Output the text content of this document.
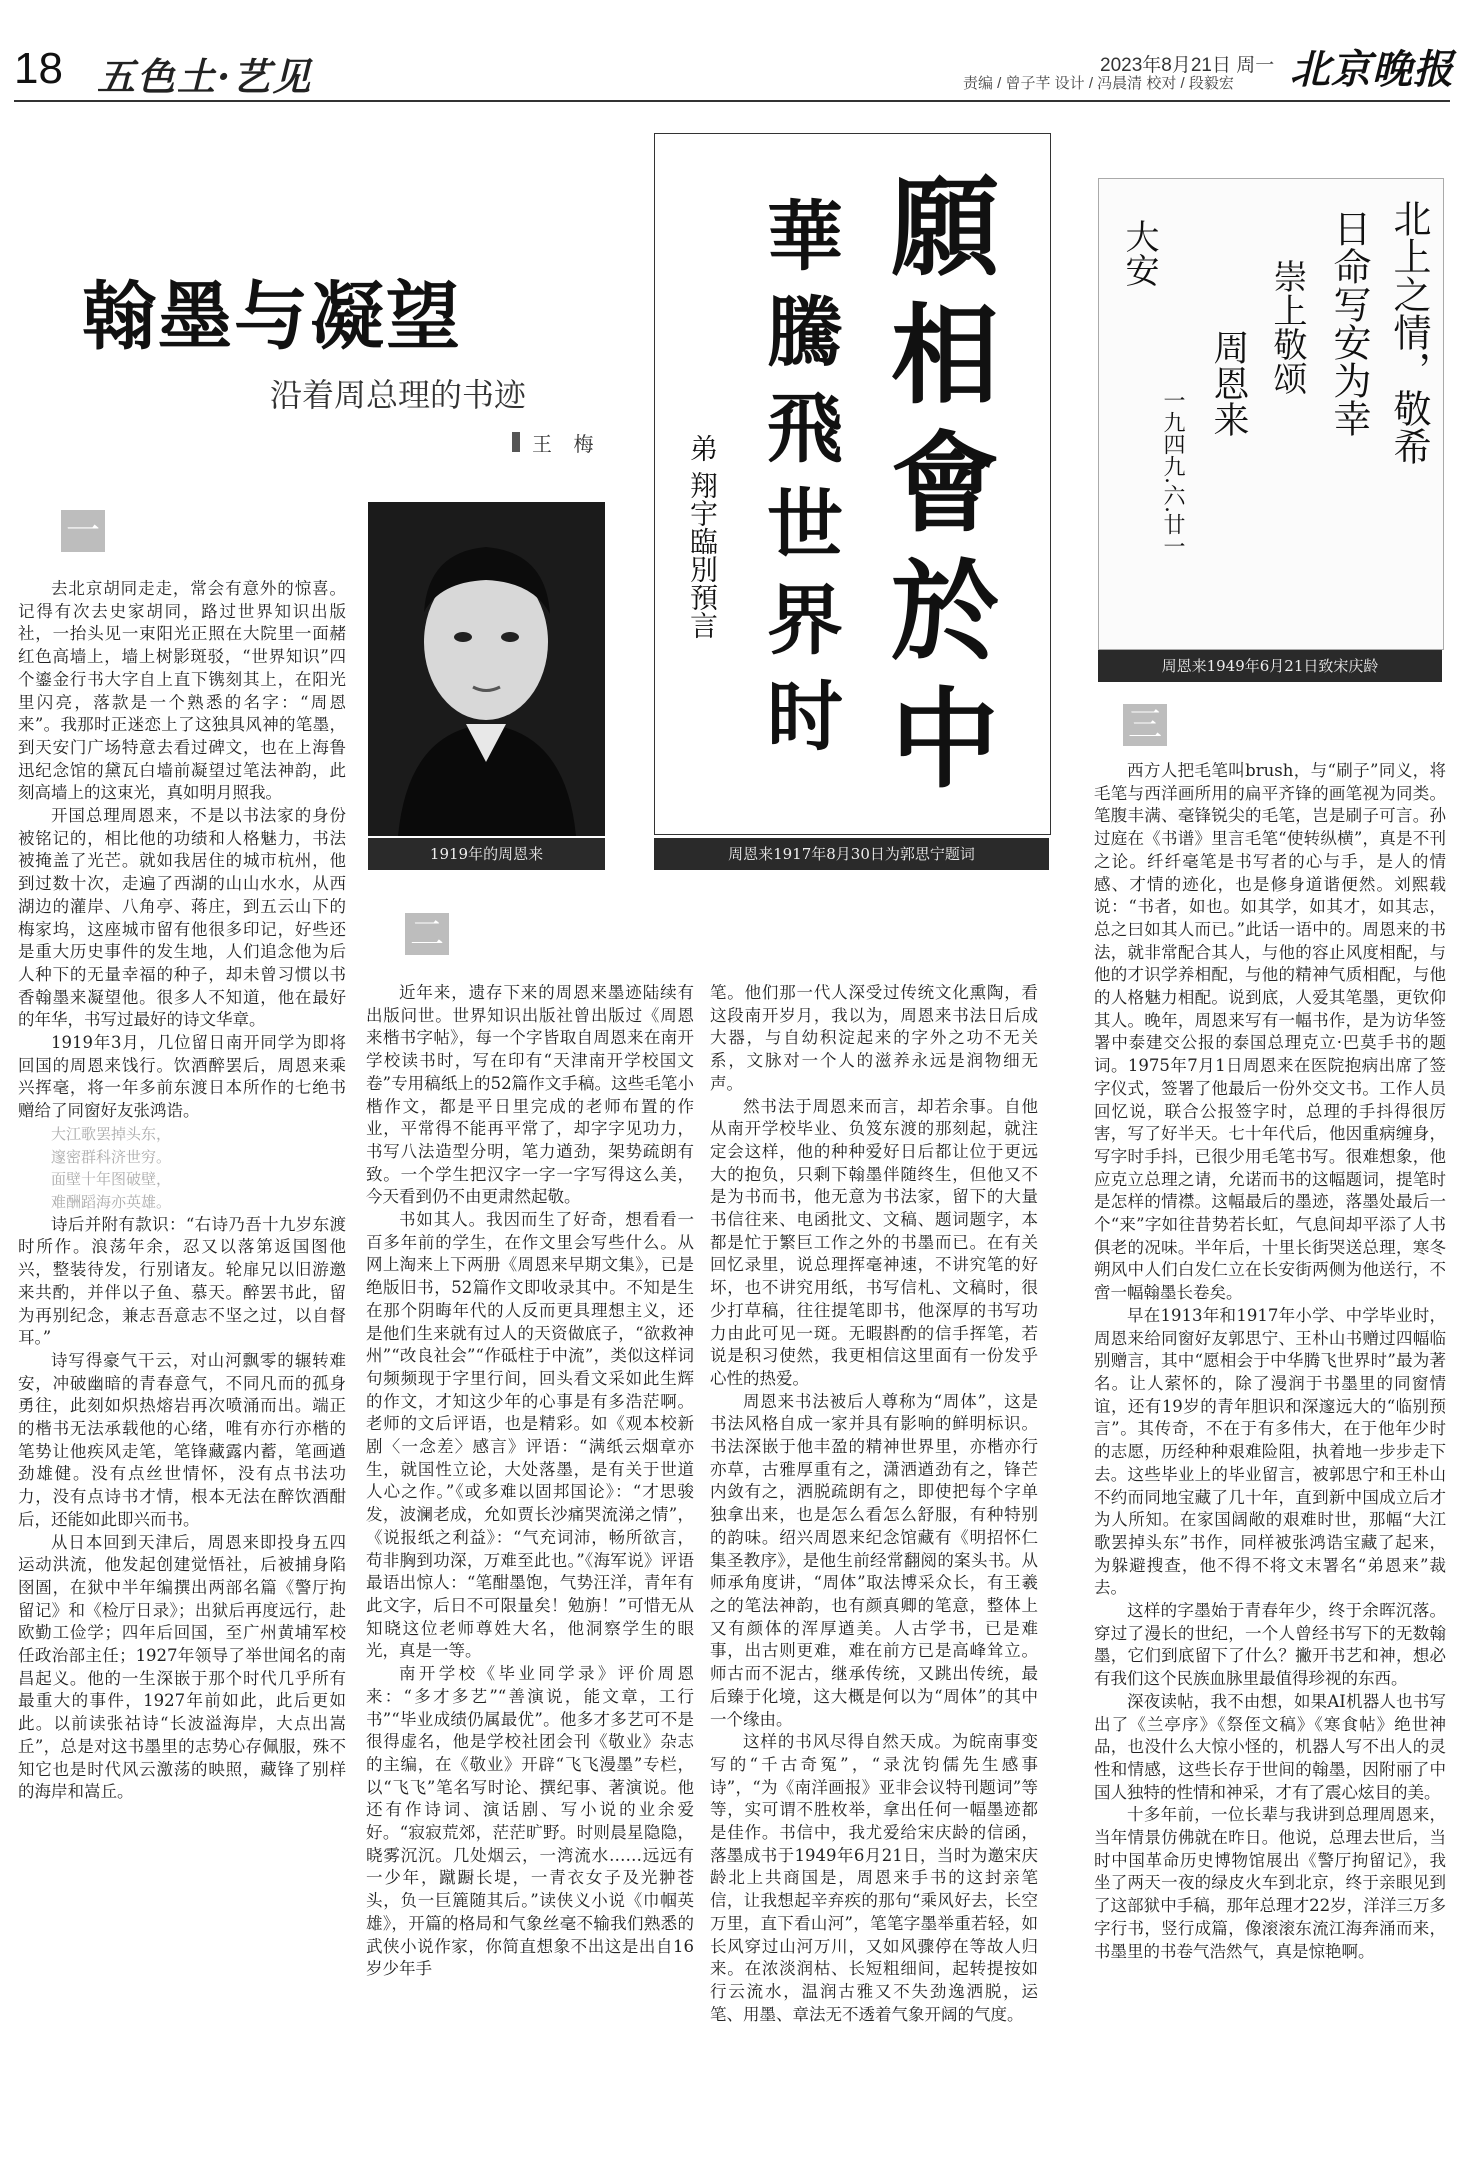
18 五色土·艺见	2023年8月21日 周一
责编 / 曾子芊 设计 / 冯晨清 校对 / 段毅宏 北京晚报
翰墨与凝望
沿着周总理的书迹
王 梅
1919年的周恩来
願
相
會
於
中
華
騰
飛
世
界
时
弟 翔宇臨別預言
周恩来1917年8月30日为郭思宁题词
北上之情，敬希
日命写安为幸
崇上敬颂
大安
周恩来
一九四九.六.廿一
周恩来1949年6月21日致宋庆龄
一
二
三

去北京胡同走走，常会有意外的惊喜。记得有次去史家胡同，路过世界知识出版社，一抬头见一束阳光正照在大院里一面赭红色高墙上，墙上树影斑驳，“世界知识”四个鎏金行书大字自上直下镌刻其上，在阳光里闪亮，落款是一个熟悉的名字：“周恩来”。我那时正迷恋上了这独具风神的笔墨，到天安门广场特意去看过碑文，也在上海鲁迅纪念馆的黛瓦白墙前凝望过笔法神韵，此刻高墙上的这束光，真如明月照我。

开国总理周恩来，不是以书法家的身份被铭记的，相比他的功绩和人格魅力，书法被掩盖了光芒。就如我居住的城市杭州，他到过数十次，走遍了西湖的山山水水，从西湖边的灌岸、八角亭、蒋庄，到五云山下的梅家坞，这座城市留有他很多印记，好些还是重大历史事件的发生地，人们追念他为后人种下的无量幸福的种子，却未曾习惯以书香翰墨来凝望他。很多人不知道，他在最好的年华，书写过最好的诗文华章。

1919年3月，几位留日南开同学为即将回国的周恩来饯行。饮酒醉罢后，周恩来乘兴挥毫，将一年多前东渡日本所作的七绝书赠给了同窗好友张鸿诰。

大江歌罢掉头东，
邃密群科济世穷。
面壁十年图破壁，
难酬蹈海亦英雄。

诗后并附有款识：“右诗乃吾十九岁东渡时所作。浪荡年余，忍又以落第返国图他兴，整装待发，行别诸友。轮扉兄以旧游邀来共酌，并伴以子鱼、慕天。醉罢书此，留为再别纪念，兼志吾意志不坚之过，以自督耳。”

诗写得豪气干云，对山河飘零的辗转难安，冲破幽暗的青春意气，不同凡而的孤身勇往，此刻如炽热熔岩再次喷涌而出。端正的楷书无法承载他的心绪，唯有亦行亦楷的笔势让他疾风走笔，笔锋藏露内蓄，笔画遒劲雄健。没有点丝世情怀，没有点书法功力，没有点诗书才情，根本无法在醉饮酒酣后，还能如此即兴而书。

从日本回到天津后，周恩来即投身五四运动洪流，他发起创建觉悟社，后被捕身陷囹圄，在狱中半年编撰出两部名篇《警厅拘留记》和《检厅日录》；出狱后再度远行，赴欧勤工俭学；四年后回国，至广州黄埔军校任政治部主任；1927年领导了举世闻名的南昌起义。他的一生深嵌于那个时代几乎所有最重大的事件，1927年前如此，此后更如此。以前读张祜诗“长波溢海岸，大点出嵩丘”，总是对这书墨里的志势心存佩服，殊不知它也是时代风云激荡的映照，藏锋了别样的海岸和嵩丘。

近年来，遗存下来的周恩来墨迹陆续有出版问世。世界知识出版社曾出版过《周恩来楷书字帖》，每一个字皆取自周恩来在南开学校读书时，写在印有“天津南开学校国文卷”专用稿纸上的52篇作文手稿。这些毛笔小楷作文，都是平日里完成的老师布置的作业，平常得不能再平常了，却字字见功力，书写八法造型分明，笔力遒劲，架势疏朗有致。一个学生把汉字一字一字写得这么美，今天看到仍不由更肃然起敬。

书如其人。我因而生了好奇，想看看一百多年前的学生，在作文里会写些什么。从网上淘来上下两册《周恩来早期文集》，已是绝版旧书，52篇作文即收录其中。不知是生在那个阴晦年代的人反而更具理想主义，还是他们生来就有过人的天资做底子，“欲救神州”“改良社会”“作砥柱于中流”，类似这样词句频频现于字里行间，回头看文采如此生辉的作文，才知这少年的心事是有多浩茫啊。老师的文后评语，也是精彩。如《观本校新剧〈一念差〉感言》评语：“满纸云烟章亦生，就国性立论，大处落墨，是有关于世道人心之作。”《或多难以固邦国论》：“才思骏发，波澜老成，允如贾长沙痛哭流涕之情”，《说报纸之利益》：“气充词沛，畅所欲言，苟非胸到功深，万难至此也。”《海军说》评语最语出惊人：“笔酣墨饱，气势汪洋，青年有此文字，后日不可限量矣！勉旃！”可惜无从知晓这位老师尊姓大名，他洞察学生的眼光，真是一等。

南开学校《毕业同学录》评价周恩来：“多才多艺”“善演说，能文章，工行书”“毕业成绩仍属最优”。他多才多艺可不是很得虚名，他是学校社团会刊《敬业》杂志的主编，在《敬业》开辟“飞飞漫墨”专栏，以“飞飞”笔名写时论、撰纪事、著演说。他还有作诗词、演话剧、写小说的业余爱好。“寂寂荒郊，茫茫旷野。时则晨星隐隐，晓雾沉沉。几处烟云，一湾流水……远远有一少年，蹴蹰长堤，一青衣女子及光翀苍头，负一巨簏随其后。”读侠义小说《巾帼英雄》，开篇的格局和气象丝毫不输我们熟悉的武侠小说作家，你简直想象不出这是出自16岁少年手

笔。他们那一代人深受过传统文化熏陶，看这段南开岁月，我以为，周恩来书法日后成大器，与自幼积淀起来的字外之功不无关系，文脉对一个人的滋养永远是润物细无声。

然书法于周恩来而言，却若余事。自他从南开学校毕业、负笈东渡的那刻起，就注定会这样，他的种种爱好日后都让位于更远大的抱负，只剩下翰墨伴随终生，但他又不是为书而书，他无意为书法家，留下的大量书信往来、电函批文、文稿、题词题字，本都是忙于繁巨工作之外的书墨而已。在有关回忆录里，说总理挥毫神速，不讲究笔的好坏，也不讲究用纸，书写信札、文稿时，很少打草稿，往往提笔即书，他深厚的书写功力由此可见一斑。无暇斟酌的信手挥笔，若说是积习使然，我更相信这里面有一份发乎心性的热爱。

周恩来书法被后人尊称为“周体”，这是书法风格自成一家并具有影响的鲜明标识。书法深嵌于他丰盈的精神世界里，亦楷亦行亦草，古雅厚重有之，潇洒遒劲有之，锋芒内敛有之，洒脱疏朗有之，即使把每个字单独拿出来，也是怎么看怎么舒服，有种特别的韵味。绍兴周恩来纪念馆藏有《明招怀仁集圣教序》，是他生前经常翻阅的案头书。从师承角度讲，“周体”取法博采众长，有王羲之的笔法神韵，也有颜真卿的笔意，整体上又有颜体的浑厚遒美。人古学书，已是难事，出古则更难，难在前方已是高峰耸立。师古而不泥古，继承传统，又跳出传统，最后臻于化境，这大概是何以为“周体”的其中一个缘由。

这样的书风尽得自然天成。为皖南事变写的“千古奇冤”，“录沈钧儒先生感事诗”，“为《南洋画报》亚非会议特刊题词”等等，实可谓不胜枚举，拿出任何一幅墨迹都是佳作。书信中，我尤爱给宋庆龄的信函，落墨成书于1949年6月21日，当时为邀宋庆龄北上共商国是，周恩来手书的这封亲笔信，让我想起辛弃疾的那句“乘风好去，长空万里，直下看山河”，笔笔字墨举重若轻，如长风穿过山河万川，又如风骤停在等故人归来。在浓淡润枯、长短粗细间，起转提按如行云流水，温润古雅又不失劲逸洒脱，运笔、用墨、章法无不透着气象开阔的气度。

西方人把毛笔叫brush，与“刷子”同义，将毛笔与西洋画所用的扁平齐锋的画笔视为同类。笔腹丰满、毫锋锐尖的毛笔，岂是刷子可言。孙过庭在《书谱》里言毛笔“使转纵横”，真是不刊之论。纤纤毫笔是书写者的心与手，是人的情感、才情的迹化，也是修身道谐便然。刘熙载说：“书者，如也。如其学，如其才，如其志，总之曰如其人而已。”此话一语中的。周恩来的书法，就非常配合其人，与他的容止风度相配，与他的才识学养相配，与他的精神气质相配，与他的人格魅力相配。说到底，人爱其笔墨，更钦仰其人。晚年，周恩来写有一幅书作，是为访华签署中泰建交公报的泰国总理克立·巴莫手书的题词。1975年7月1日周恩来在医院抱病出席了签字仪式，签署了他最后一份外交文书。工作人员回忆说，联合公报签字时，总理的手抖得很厉害，写了好半天。七十年代后，他因重病缠身，写字时手抖，已很少用毛笔书写。很难想象，他应克立总理之请，允诺而书的这幅题词，提笔时是怎样的情襟。这幅最后的墨迹，落墨处最后一个“来”字如往昔势若长虹，气息间却平添了人书俱老的况味。半年后，十里长街哭送总理，寒冬朔风中人们白发仁立在长安街两侧为他送行，不啻一幅翰墨长卷矣。

早在1913年和1917年小学、中学毕业时，周恩来给同窗好友郭思宁、王朴山书赠过四幅临别赠言，其中“愿相会于中华腾飞世界时”最为著名。让人萦怀的，除了漫润于书墨里的同窗情谊，还有19岁的青年胆识和深邃远大的“临别预言”。其传奇，不在于有多伟大，在于他年少时的志愿，历经种种艰难险阻，执着地一步步走下去。这些毕业上的毕业留言，被郭思宁和王朴山不约而同地宝藏了几十年，直到新中国成立后才为人所知。在家国阔敞的艰难时世，那幅“大江歌罢掉头东”书作，同样被张鸿诰宝藏了起来，为躲避搜查，他不得不将文末署名“弟恩来”裁去。

这样的字墨始于青春年少，终于余晖沉落。穿过了漫长的世纪，一个人曾经书写下的无数翰墨，它们到底留下了什么？撇开书艺和神，想必有我们这个民族血脉里最值得珍视的东西。

深夜读帖，我不由想，如果AI机器人也书写出了《兰亭序》《祭侄文稿》《寒食帖》绝世神品，也没什么大惊小怪的，机器人写不出人的灵性和情感，这些长存于世间的翰墨，因附丽了中国人独特的性情和神采，才有了震心炫目的美。

十多年前，一位长辈与我讲到总理周恩来，当年情景仿佛就在昨日。他说，总理去世后，当时中国革命历史博物馆展出《警厅拘留记》，我坐了两天一夜的绿皮火车到北京，终于亲眼见到了这部狱中手稿，那年总理才22岁，洋洋三万多字行书，竖行成篇，像滚滚东流江海奔涌而来，书墨里的书卷气浩然气，真是惊艳啊。
